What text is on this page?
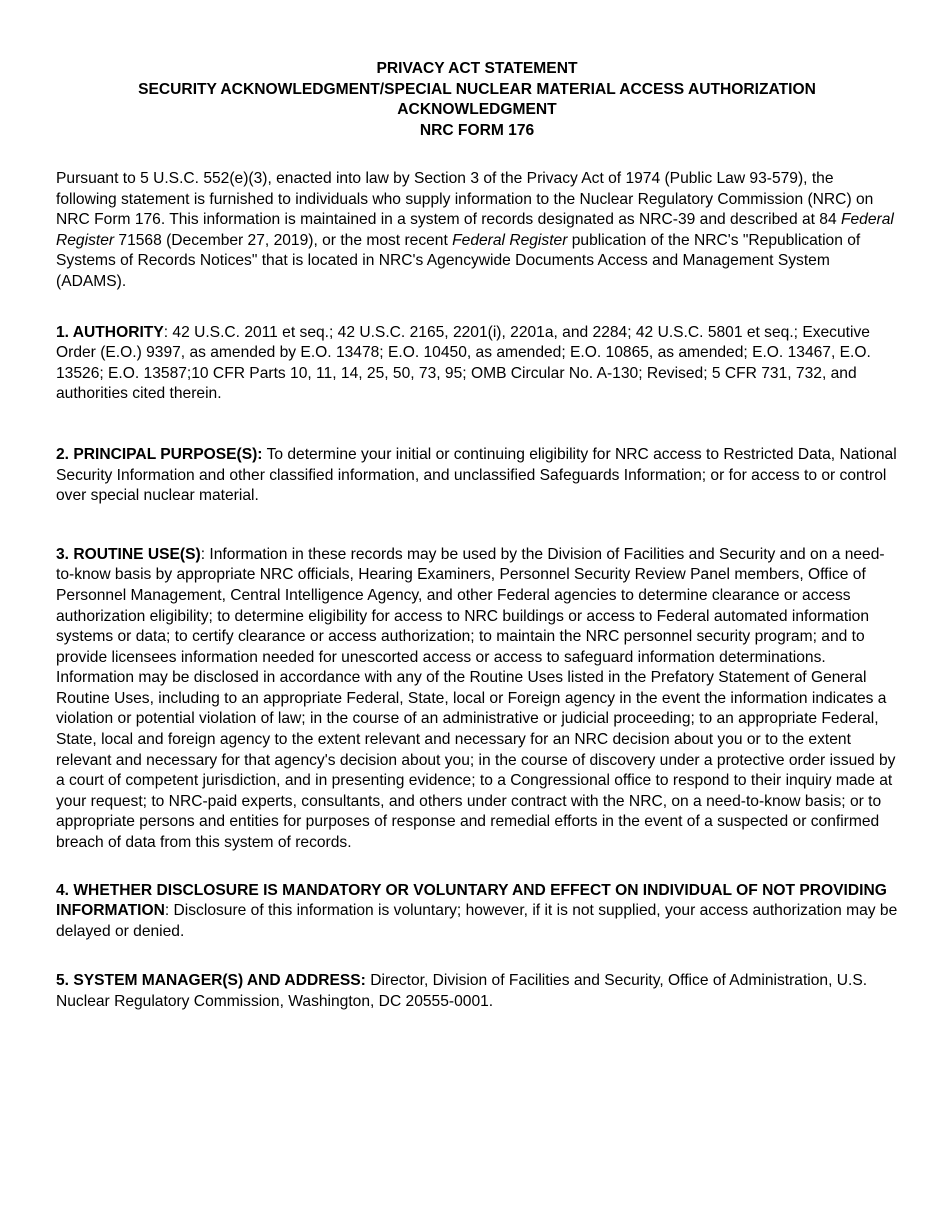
PRIVACY ACT STATEMENT
SECURITY ACKNOWLEDGMENT/SPECIAL NUCLEAR MATERIAL ACCESS AUTHORIZATION
ACKNOWLEDGMENT
NRC FORM 176

Pursuant to 5 U.S.C. 552(e)(3), enacted into law by Section 3 of the Privacy Act of 1974 (Public Law 93-579), the following statement is furnished to individuals who supply information to the Nuclear Regulatory Commission (NRC) on NRC Form 176. This information is maintained in a system of records designated as NRC-39 and described at 84 Federal Register 71568 (December 27, 2019), or the most recent Federal Register publication of the NRC's "Republication of Systems of Records Notices" that is located in NRC's Agencywide Documents Access and Management System (ADAMS).

1. AUTHORITY: 42 U.S.C. 2011 et seq.; 42 U.S.C. 2165, 2201(i), 2201a, and 2284; 42 U.S.C. 5801 et seq.; Executive Order (E.O.) 9397, as amended by E.O. 13478; E.O. 10450, as amended; E.O. 10865, as amended; E.O. 13467, E.O. 13526; E.O. 13587;10 CFR Parts 10, 11, 14, 25, 50, 73, 95; OMB Circular No. A-130; Revised; 5 CFR 731, 732, and authorities cited therein.

2. PRINCIPAL PURPOSE(S): To determine your initial or continuing eligibility for NRC access to Restricted Data, National Security Information and other classified information, and unclassified Safeguards Information; or for access to or control over special nuclear material.

3. ROUTINE USE(S): Information in these records may be used by the Division of Facilities and Security and on a need-to-know basis by appropriate NRC officials, Hearing Examiners, Personnel Security Review Panel members, Office of Personnel Management, Central Intelligence Agency, and other Federal agencies to determine clearance or access authorization eligibility; to determine eligibility for access to NRC buildings or access to Federal automated information systems or data; to certify clearance or access authorization; to maintain the NRC personnel security program; and to provide licensees information needed for unescorted access or access to safeguard information determinations. Information may be disclosed in accordance with any of the Routine Uses listed in the Prefatory Statement of General Routine Uses, including to an appropriate Federal, State, local or Foreign agency in the event the information indicates a violation or potential violation of law; in the course of an administrative or judicial proceeding; to an appropriate Federal, State, local and foreign agency to the extent relevant and necessary for an NRC decision about you or to the extent relevant and necessary for that agency's decision about you; in the course of discovery under a protective order issued by a court of competent jurisdiction, and in presenting evidence; to a Congressional office to respond to their inquiry made at your request; to NRC-paid experts, consultants, and others under contract with the NRC, on a need-to-know basis; or to appropriate persons and entities for purposes of response and remedial efforts in the event of a suspected or confirmed breach of data from this system of records.

4. WHETHER DISCLOSURE IS MANDATORY OR VOLUNTARY AND EFFECT ON INDIVIDUAL OF NOT PROVIDING INFORMATION: Disclosure of this information is voluntary; however, if it is not supplied, your access authorization may be delayed or denied.

5. SYSTEM MANAGER(S) AND ADDRESS: Director, Division of Facilities and Security, Office of Administration, U.S. Nuclear Regulatory Commission, Washington, DC 20555-0001.
